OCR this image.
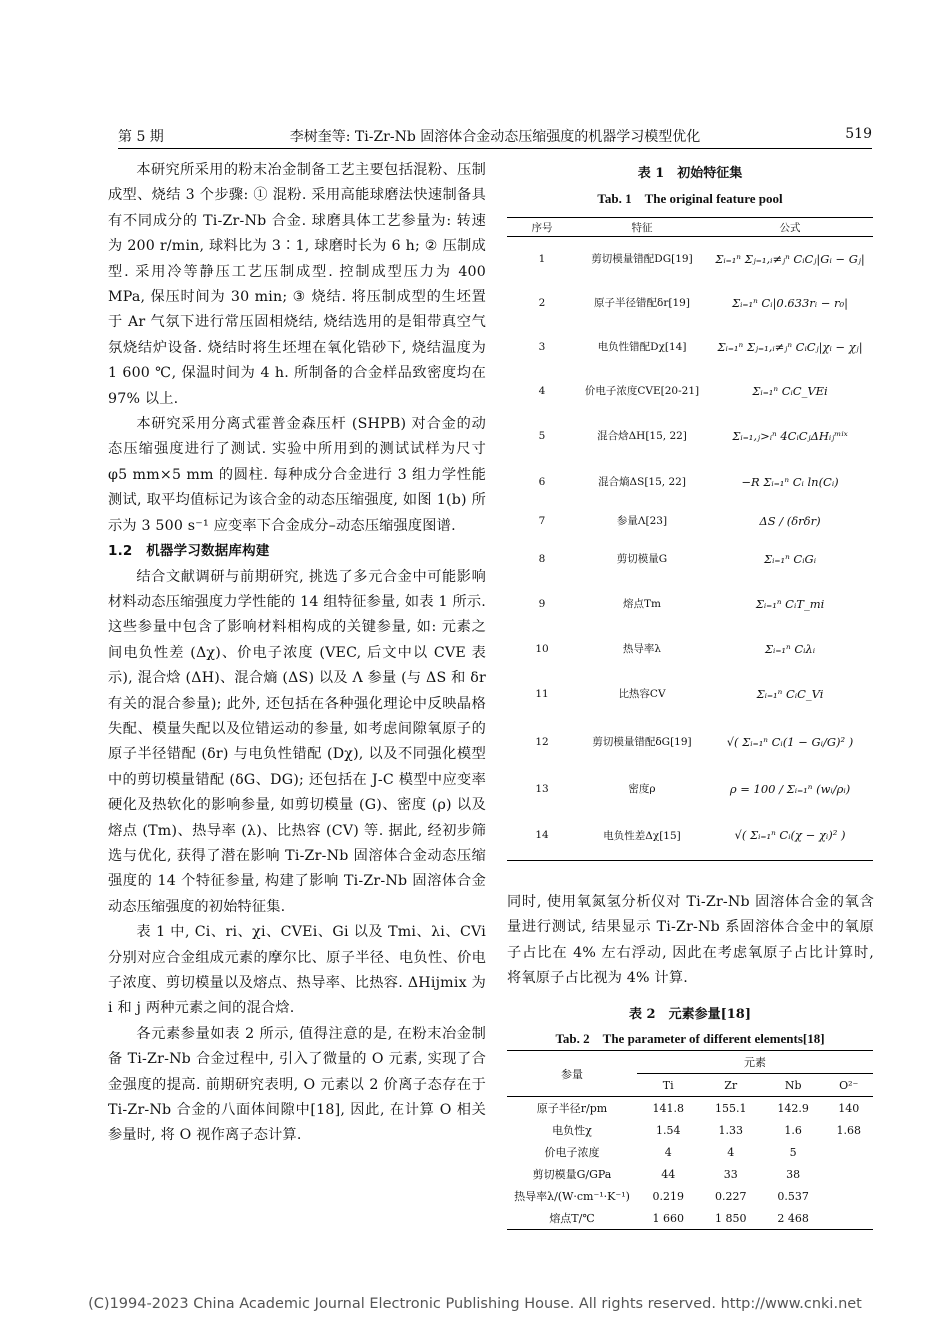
第 5 期	李树奎等: Ti-Zr-Nb 固溶体合金动态压缩强度的机器学习模型优化	519

本研究所采用的粉末冶金制备工艺主要包括混粉、压制成型、烧结 3 个步骤: ① 混粉. 采用高能球磨法快速制备具有不同成分的 Ti-Zr-Nb 合金. 球磨具体工艺参量为: 转速为 200 r/min, 球料比为 3∶1, 球磨时长为 6 h; ② 压制成型. 采用冷等静压工艺压制成型. 控制成型压力为 400 MPa, 保压时间为 30 min; ③ 烧结. 将压制成型的生坯置于 Ar 气氛下进行常压固相烧结, 烧结选用的是钼带真空气氛烧结炉设备. 烧结时将生坯埋在氧化锆砂下, 烧结温度为 1 600 ℃, 保温时间为 4 h. 所制备的合金样品致密度均在 97% 以上.

本研究采用分离式霍普金森压杆 (SHPB) 对合金的动态压缩强度进行了测试. 实验中所用到的测试试样为尺寸 φ5 mm×5 mm 的圆柱. 每种成分合金进行 3 组力学性能测试, 取平均值标记为该合金的动态压缩强度, 如图 1(b) 所示为 3 500 s⁻¹ 应变率下合金成分–动态压缩强度图谱.

1.2　机器学习数据库构建

结合文献调研与前期研究, 挑选了多元合金中可能影响材料动态压缩强度力学性能的 14 组特征参量, 如表 1 所示. 这些参量中包含了影响材料相构成的关键参量, 如: 元素之间电负性差 (Δχ)、价电子浓度 (VEC, 后文中以 CVE 表示), 混合焓 (ΔH)、混合熵 (ΔS) 以及 Λ 参量 (与 ΔS 和 δr 有关的混合参量); 此外, 还包括在各种强化理论中反映晶格失配、模量失配以及位错运动的参量, 如考虑间隙氧原子的原子半径错配 (δr) 与电负性错配 (Dχ), 以及不同强化模型中的剪切模量错配 (δG、DG); 还包括在 J-C 模型中应变率硬化及热软化的影响参量, 如剪切模量 (G)、密度 (ρ) 以及熔点 (Tm)、热导率 (λ)、比热容 (CV) 等. 据此, 经初步筛选与优化, 获得了潜在影响 Ti-Zr-Nb 固溶体合金动态压缩强度的 14 个特征参量, 构建了影响 Ti-Zr-Nb 固溶体合金动态压缩强度的初始特征集.

表 1 中, Ci、ri、χi、CVEi、Gi 以及 Tmi、λi、CVi 分别对应合金组成元素的摩尔比、原子半径、电负性、价电子浓度、剪切模量以及熔点、热导率、比热容. ΔHijmix 为 i 和 j 两种元素之间的混合焓.

各元素参量如表 2 所示, 值得注意的是, 在粉末冶金制备 Ti-Zr-Nb 合金过程中, 引入了微量的 O 元素, 实现了合金强度的提高. 前期研究表明, O 元素以 2 价离子态存在于 Ti-Zr-Nb 合金的八面体间隙中[18], 因此, 在计算 O 相关参量时, 将 O 视作离子态计算.

表 1　初始特征集
Tab. 1　The original feature pool
序号	特征	公式
1	剪切模量错配DG[19]	Σᵢ₌₁ⁿ Σⱼ₌₁,ᵢ≠ⱼⁿ CᵢCⱼ|Gᵢ − Gⱼ|
2	原子半径错配δr[19]	Σᵢ₌₁ⁿ Cᵢ|0.633rᵢ − r₀|
3	电负性错配Dχ[14]	Σᵢ₌₁ⁿ Σⱼ₌₁,ᵢ≠ⱼⁿ CᵢCⱼ|χᵢ − χⱼ|
4	价电子浓度CVE[20-21]	Σᵢ₌₁ⁿ CᵢC_VEi
5	混合焓ΔH[15, 22]	Σᵢ₌₁,ⱼ>ᵢⁿ 4CᵢCⱼΔHᵢⱼᵐⁱˣ
6	混合熵ΔS[15, 22]	−R Σᵢ₌₁ⁿ Cᵢ ln(Cᵢ)
7	参量Λ[23]	ΔS / (δrδr)
8	剪切模量G	Σᵢ₌₁ⁿ CᵢGᵢ
9	熔点Tm	Σᵢ₌₁ⁿ CᵢT_mi
10	热导率λ	Σᵢ₌₁ⁿ Cᵢλᵢ
11	比热容CV	Σᵢ₌₁ⁿ CᵢC_Vi
12	剪切模量错配δG[19]	√( Σᵢ₌₁ⁿ Cᵢ(1 − Gᵢ/G)² )
13	密度ρ	ρ = 100 / Σᵢ₌₁ⁿ (wᵢ/ρᵢ)
14	电负性差Δχ[15]	√( Σᵢ₌₁ⁿ Cᵢ(χ − χᵢ)² )

同时, 使用氧氮氢分析仪对 Ti-Zr-Nb 固溶体合金的氧含量进行测试, 结果显示 Ti-Zr-Nb 系固溶体合金中的氧原子占比在 4% 左右浮动, 因此在考虑氧原子占比计算时, 将氧原子占比视为 4% 计算.

表 2　元素参量[18]
Tab. 2　The parameter of different elements[18]
参量	元素			
	Ti	Zr	Nb	O²⁻
原子半径r/pm	141.8	155.1	142.9	140
电负性χ	1.54	1.33	1.6	1.68
价电子浓度	4	4	5	
剪切模量G/GPa	44	33	38	
热导率λ/(W·cm⁻¹·K⁻¹)	0.219	0.227	0.537	
熔点T/℃	1 660	1 850	2 468	
(C)1994-2023 China Academic Journal Electronic Publishing House. All rights reserved. http://www.cnki.net
